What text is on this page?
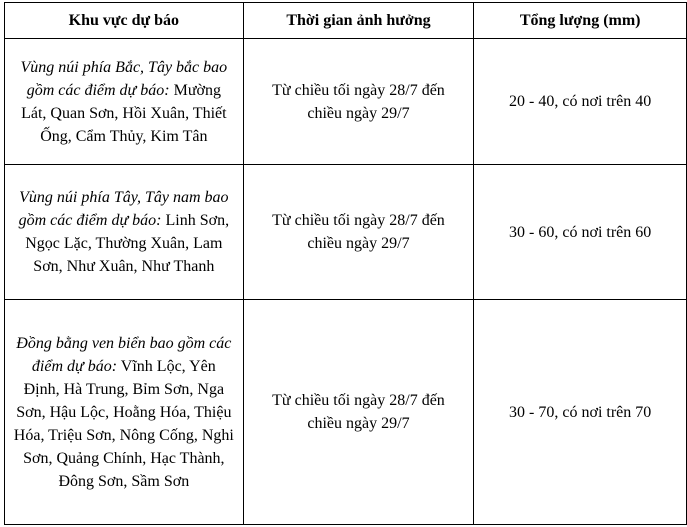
Khu vực dự báo	Thời gian ảnh hưởng	Tổng lượng (mm)
Vùng núi phía Bắc, Tây bắc bao gồm các điểm dự báo: Mường Lát, Quan Sơn, Hồi Xuân, Thiết Ống, Cẩm Thủy, Kim Tân	Từ chiều tối ngày 28/7 đến chiều ngày 29/7	20 - 40, có nơi trên 40
Vùng núi phía Tây, Tây nam bao gồm các điểm dự báo: Linh Sơn, Ngọc Lặc, Thường Xuân, Lam Sơn, Như Xuân, Như Thanh	Từ chiều tối ngày 28/7 đến chiều ngày 29/7	30 - 60, có nơi trên 60
Đồng bằng ven biển bao gồm các điểm dự báo: Vĩnh Lộc, Yên Định, Hà Trung, Bỉm Sơn, Nga Sơn, Hậu Lộc, Hoằng Hóa, Thiệu Hóa, Triệu Sơn, Nông Cống, Nghi Sơn, Quảng Chính, Hạc Thành, Đông Sơn, Sầm Sơn	Từ chiều tối ngày 28/7 đến chiều ngày 29/7	30 - 70, có nơi trên 70
